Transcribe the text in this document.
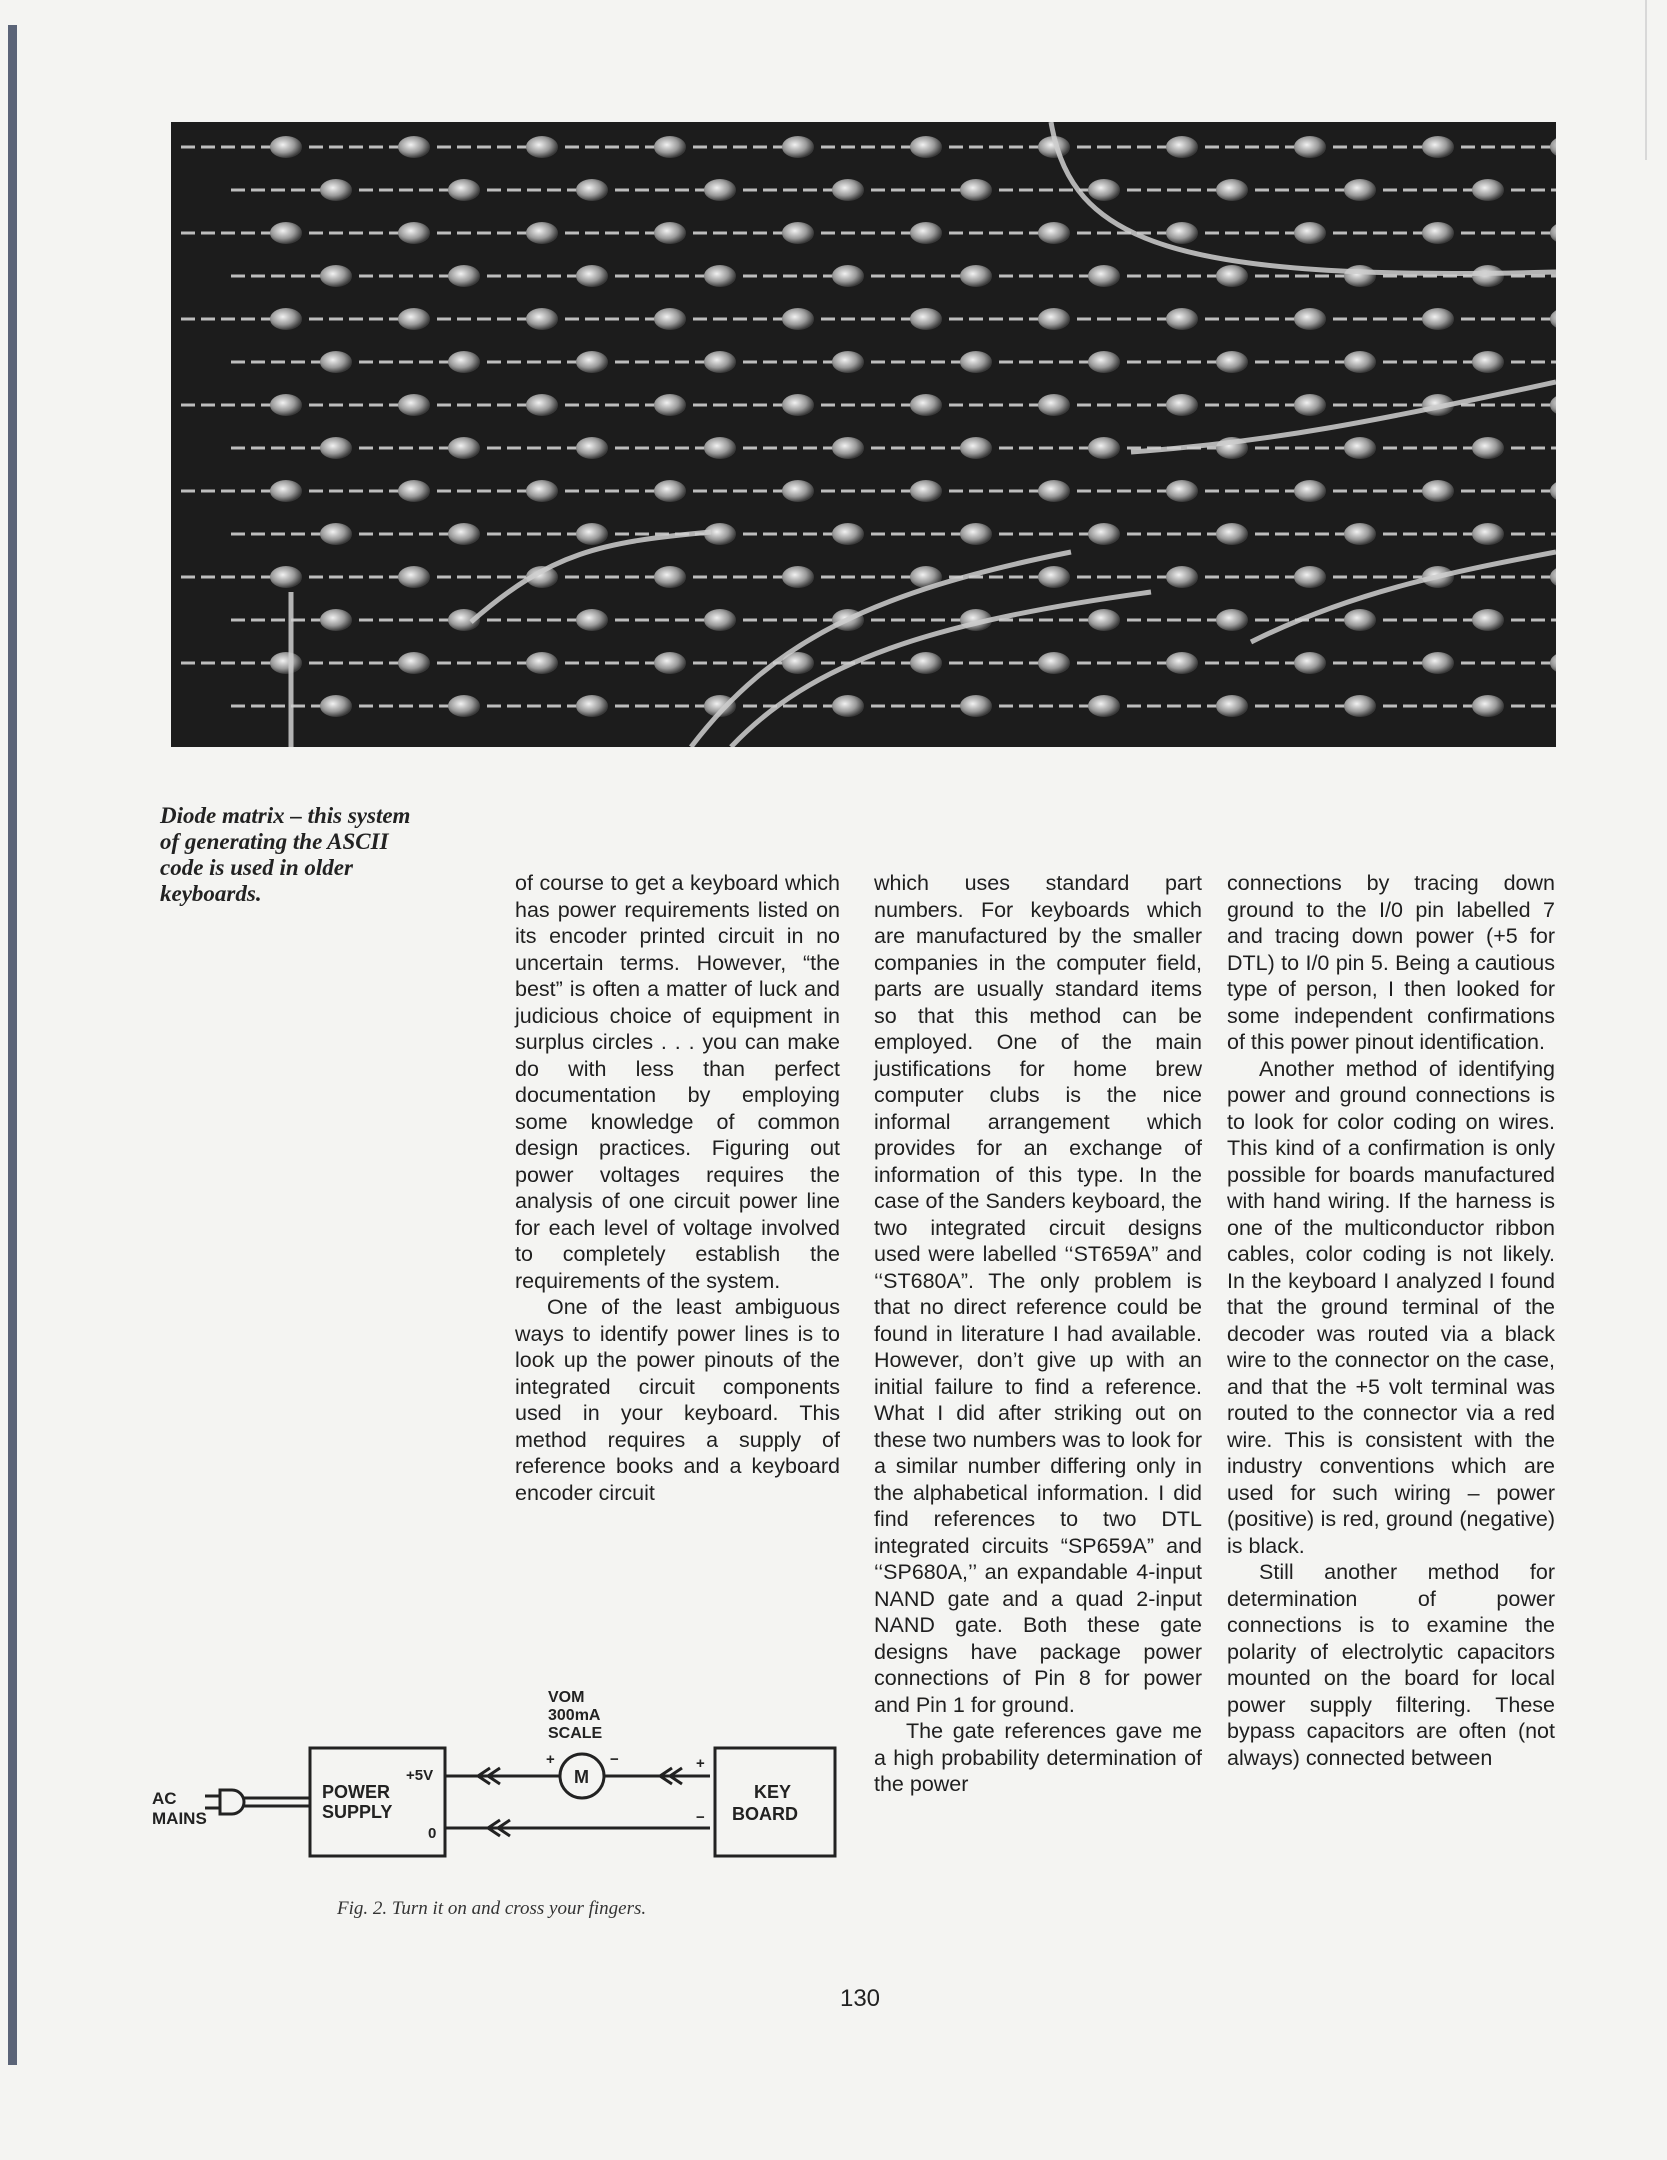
Diode matrix – this system of generating the ASCII code is used in older keyboards.	of course to get a keyboard which has power requirements listed on its encoder printed circuit in no uncertain terms. However, “the best” is often a matter of luck and judicious choice of equipment in surplus circles . . . you can make do with less than perfect documentation by employing some knowledge of common design practices. Figuring out power voltages requires the analysis of one circuit power line for each level of voltage involved to completely establish the requirements of the system.

One of the least ambiguous ways to identify power lines is to look up the power pinouts of the integrated circuit components used in your keyboard. This method requires a supply of reference books and a keyboard encoder circuit

which uses standard part numbers. For keyboards which are manufactured by the smaller companies in the computer field, parts are usually standard items so that this method can be employed. One of the main justifications for home brew computer clubs is the nice informal arrangement which provides for an exchange of information of this type. In the case of the Sanders keyboard, the two integrated circuit designs used were labelled ‘‘ST659A” and ‘‘ST680A”. The only problem is that no direct reference could be found in literature I had available. However, don’t give up with an initial failure to find a reference. What I did after striking out on these two numbers was to look for a similar number differing only in the alphabetical information. I did find references to two DTL integrated circuits “SP659A” and ‘‘SP680A,’’ an expandable 4-input NAND gate and a quad 2-input NAND gate. Both these gate designs have package power connections of Pin 8 for power and Pin 1 for ground.

The gate references gave me a high probability determination of the power

connections by tracing down ground to the I/0 pin labelled 7 and tracing down power (+5 for DTL) to I/0 pin 5. Being a cautious type of person, I then looked for some independent confirmations of this power pinout identification.

Another method of identifying power and ground connections is to look for color coding on wires. This kind of a confirmation is only possible for boards manufactured with hand wiring. If the harness is one of the multiconductor ribbon cables, color coding is not likely. In the keyboard I analyzed I found that the ground terminal of the decoder was routed via a black wire to the connector on the case, and that the +5 volt terminal was routed to the connector via a red wire. This is consistent with the industry conventions which are used for such wiring – power (positive) is red, ground (negative) is black.

Still another method for determination of power connections is to examine the polarity of electrolytic capacitors mounted on the board for local power supply filtering. These bypass capacitors are often (not always) connected between

AC
MAINS
POWER
SUPPLY
+5V
0
VOM
300mA
SCALE
M
+	−
KEY
BOARD
+
−
Fig. 2. Turn it on and cross your fingers.
130
